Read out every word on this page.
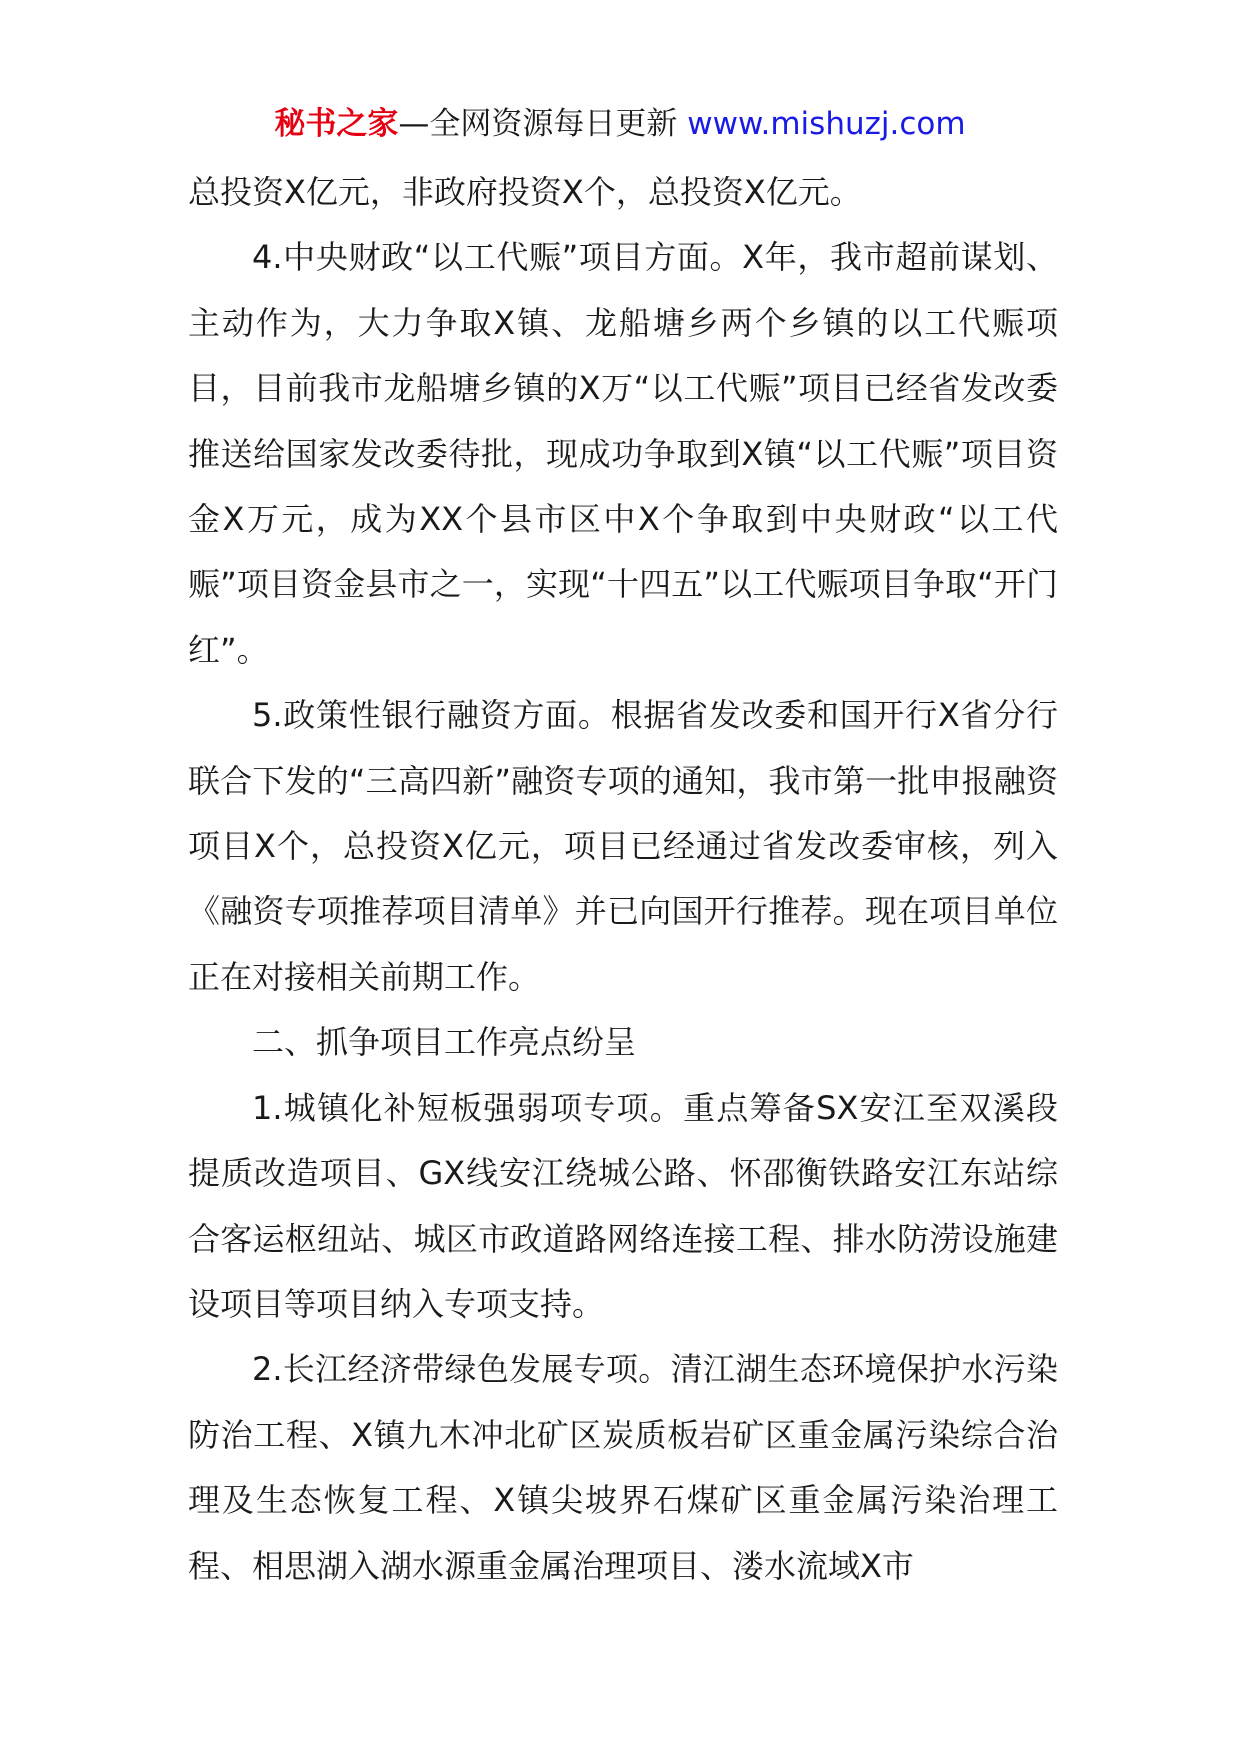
秘书之家—全网资源每日更新 www.mishuzj.com

总投资X亿元，非政府投资X个，总投资X亿元。

4.中央财政“以工代赈”项目方面。X年，我市超前谋划、主动作为，大力争取X镇、龙船塘乡两个乡镇的以工代赈项目，目前我市龙船塘乡镇的X万“以工代赈”项目已经省发改委推送给国家发改委待批，现成功争取到X镇“以工代赈”项目资金X万元，成为XX个县市区中X个争取到中央财政“以工代赈”项目资金县市之一，实现“十四五”以工代赈项目争取“开门红”。

5.政策性银行融资方面。根据省发改委和国开行X省分行联合下发的“三高四新”融资专项的通知，我市第一批申报融资项目X个，总投资X亿元，项目已经通过省发改委审核，列入《融资专项推荐项目清单》并已向国开行推荐。现在项目单位正在对接相关前期工作。

二、抓争项目工作亮点纷呈

1.城镇化补短板强弱项专项。重点筹备SX安江至双溪段提质改造项目、GX线安江绕城公路、怀邵衡铁路安江东站综合客运枢纽站、城区市政道路网络连接工程、排水防涝设施建设项目等项目纳入专项支持。

2.长江经济带绿色发展专项。清江湖生态环境保护水污染防治工程、X镇九木冲北矿区炭质板岩矿区重金属污染综合治理及生态恢复工程、X镇尖坡界石煤矿区重金属污染治理工程、相思湖入湖水源重金属治理项目、溇水流域X市
